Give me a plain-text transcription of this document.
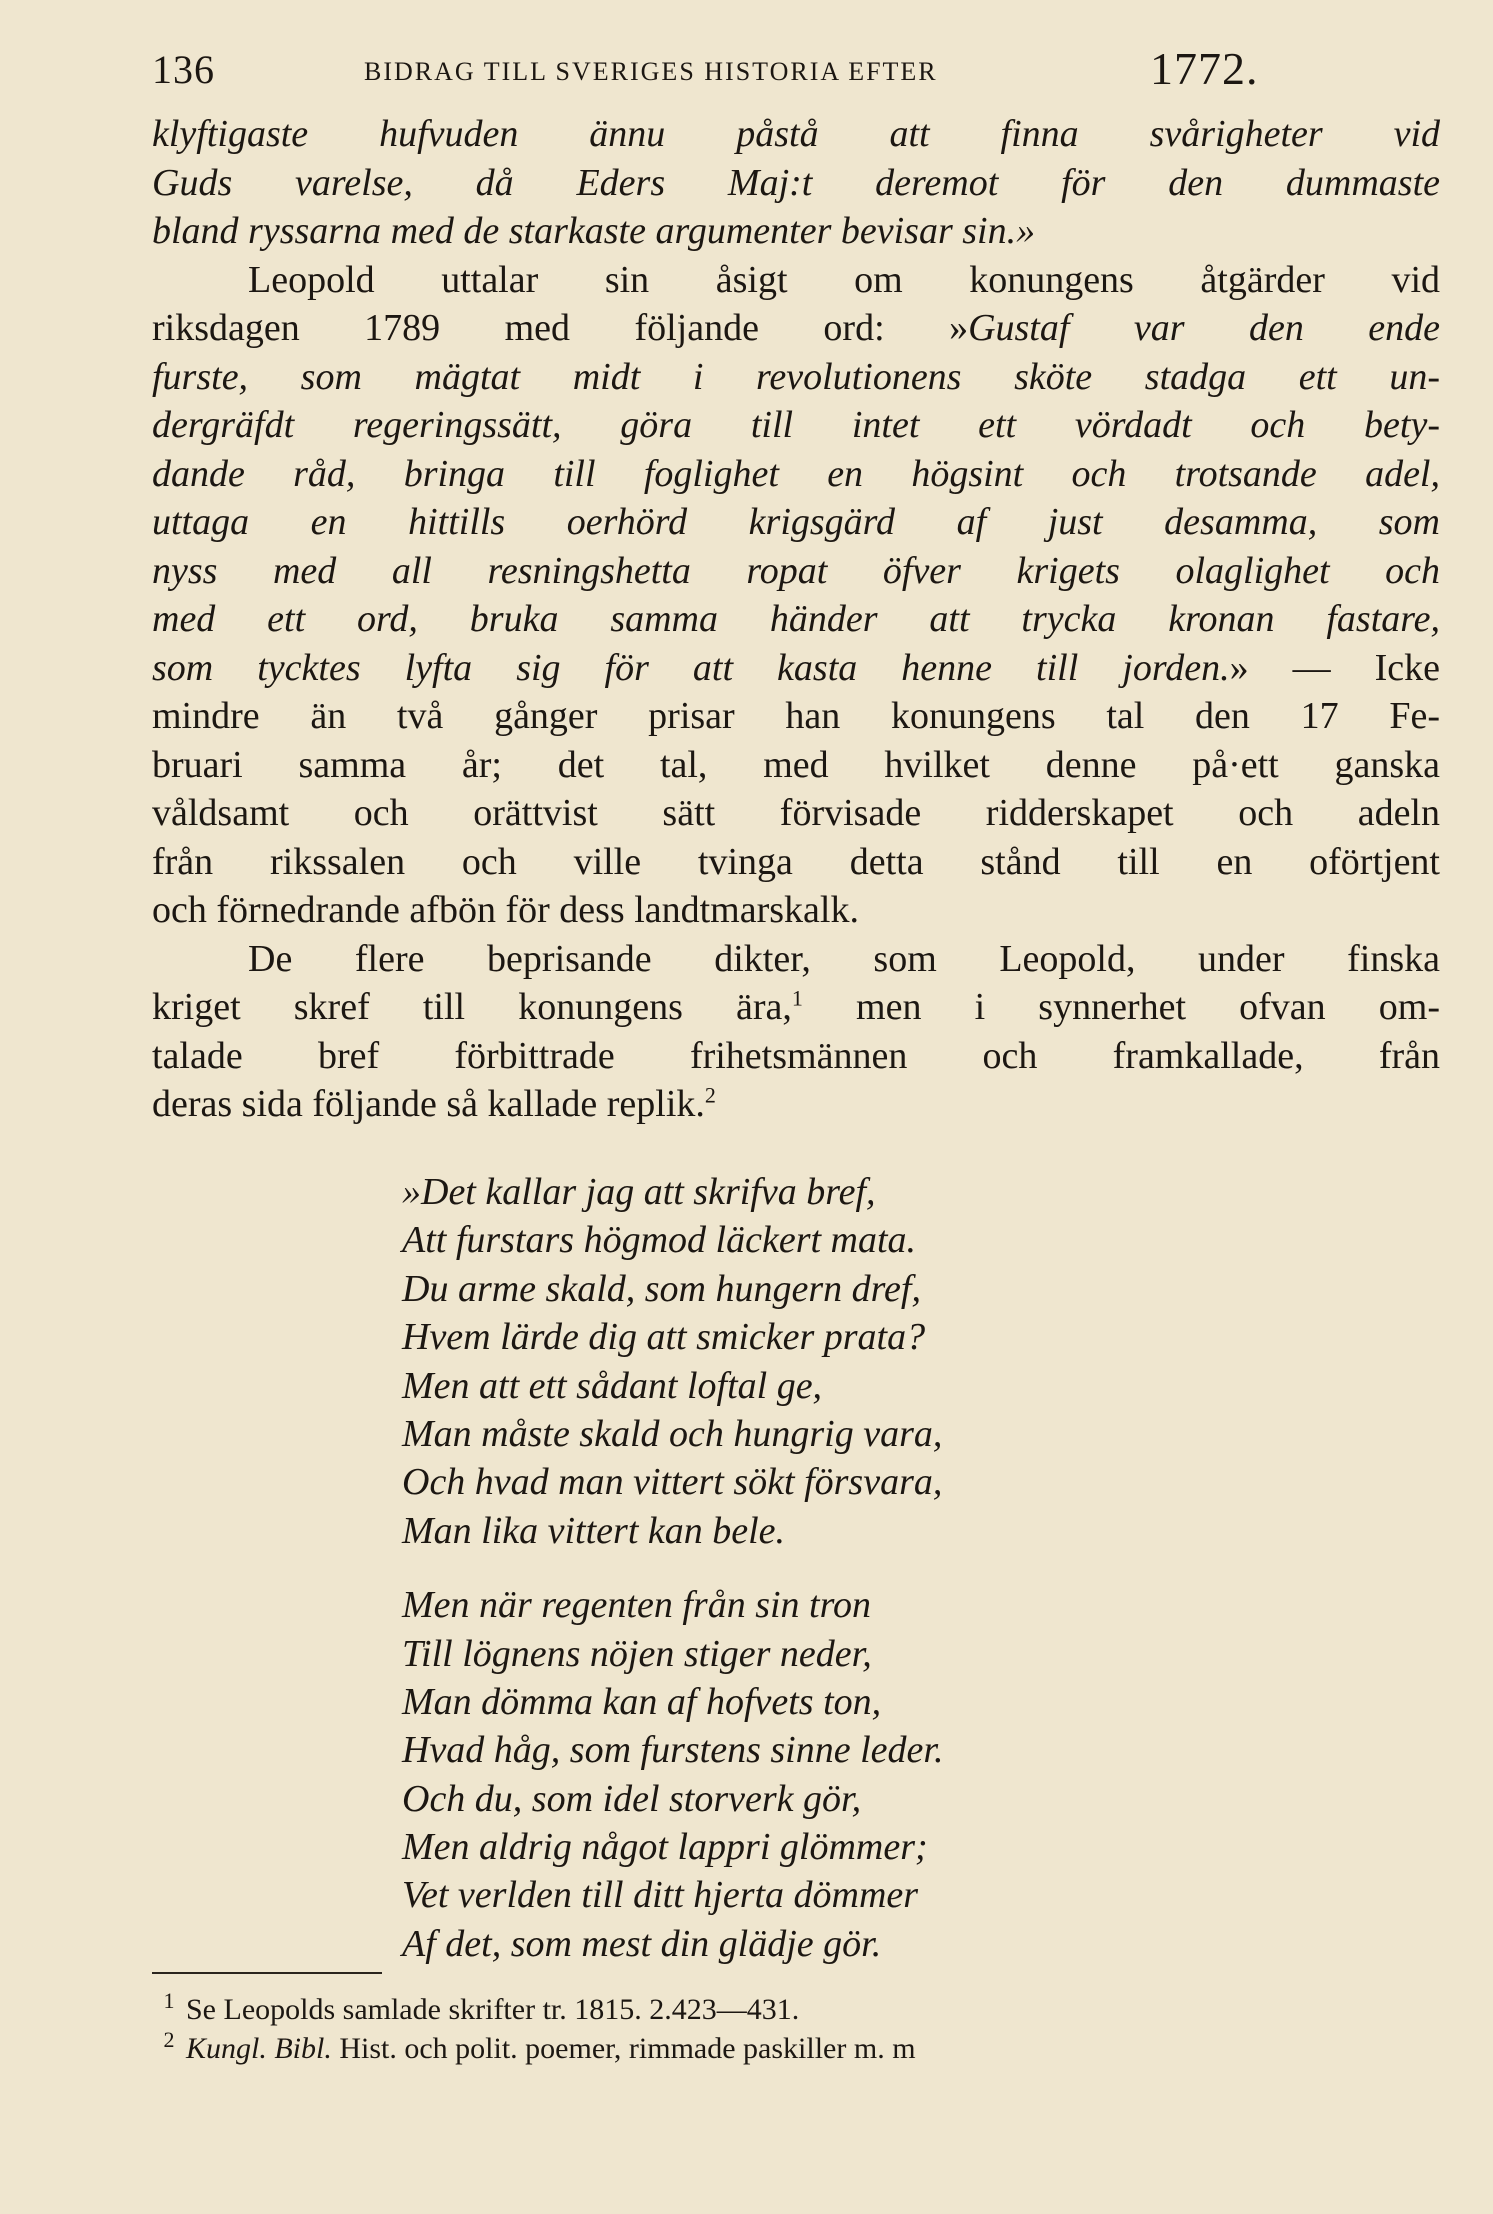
136	BIDRAG TILL SVERIGES HISTORIA EFTER	1772.
klyftigaste hufvuden ännu påstå att finna svårigheter vid
Guds varelse, då Eders Maj:t deremot för den dummaste
bland ryssarna med de starkaste argumenter bevisar sin.»
Leopold uttalar sin åsigt om konungens åtgärder vid
riksdagen 1789 med följande ord: »Gustaf var den ende
furste, som mägtat midt i revolutionens sköte stadga ett un-
dergräfdt regeringssätt, göra till intet ett vördadt och bety-
dande råd, bringa till foglighet en högsint och trotsande adel,
uttaga en hittills oerhörd krigsgärd af just desamma, som
nyss med all resningshetta ropat öfver krigets olaglighet och
med ett ord, bruka samma händer att trycka kronan fastare,
som tycktes lyfta sig för att kasta henne till jorden.» — Icke
mindre än två gånger prisar han konungens tal den 17 Fe-
bruari samma år; det tal, med hvilket denne på·ett ganska
våldsamt och orättvist sätt förvisade ridderskapet och adeln
från rikssalen och ville tvinga detta stånd till en oförtjent
och förnedrande afbön för dess landtmarskalk.
De flere beprisande dikter, som Leopold, under finska
kriget skref till konungens ära,$^1$ men i synnerhet ofvan om-
talade bref förbittrade frihetsmännen och framkallade, från
deras sida följande så kallade replik.$^2$
»Det kallar jag att skrifva bref,
Att furstars högmod läckert mata.
Du arme skald, som hungern dref,
Hvem lärde dig att smicker prata?
Men att ett sådant loftal ge,
Man måste skald och hungrig vara,
Och hvad man vittert sökt försvara,
Man lika vittert kan bele.
Men när regenten från sin tron
Till lögnens nöjen stiger neder,
Man dömma kan af hofvets ton,
Hvad håg, som furstens sinne leder.
Och du, som idel storverk gör,
Men aldrig något lappri glömmer;
Vet verlden till ditt hjerta dömmer
Af det, som mest din glädje gör.
1 Se Leopolds samlade skrifter tr. 1815. 2.423—431.
2 Kungl. Bibl. Hist. och polit. poemer, rimmade paskiller m. m
